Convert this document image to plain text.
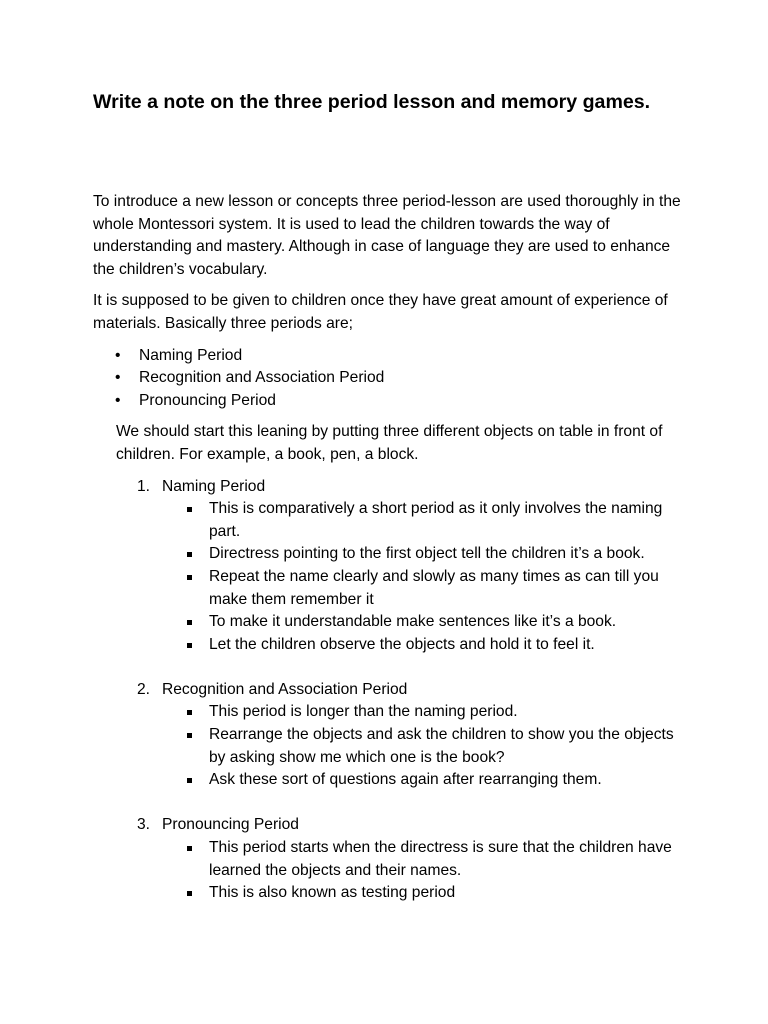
Write a note on the three period lesson and memory games.

To introduce a new lesson or concepts three period-lesson are used thoroughly in the whole Montessori system. It is used to lead the children towards the way of understanding and mastery. Although in case of language they are used to enhance the children’s vocabulary.

It is supposed to be given to children once they have great amount of experience of materials. Basically three periods are;

• Naming Period
• Recognition and Association Period
• Pronouncing Period

We should start this leaning by putting three different objects on table in front of children. For example, a book, pen, a block.

1. Naming Period
This is comparatively a short period as it only involves the naming part.
Directress pointing to the first object tell the children it’s a book.
Repeat the name clearly and slowly as many times as can till you make them remember it
To make it understandable make sentences like it’s a book.
Let the children observe the objects and hold it to feel it.
2. Recognition and Association Period
This period is longer than the naming period.
Rearrange the objects and ask the children to show you the objects by asking show me which one is the book?
Ask these sort of questions again after rearranging them.
3. Pronouncing Period
This period starts when the directress is sure that the children have learned the objects and their names.
This is also known as testing period
